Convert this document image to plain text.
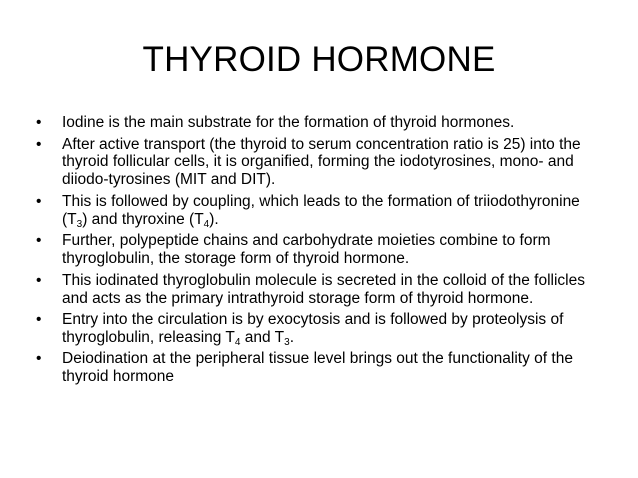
THYROID HORMONE
•	Iodine is the main substrate for the formation of thyroid hormones.
•	After active transport (the thyroid to serum concentration ratio is 25) into the thyroid follicular cells, it is organified, forming the iodotyrosines, mono- and diiodo-tyrosines (MIT and DIT).
•	This is followed by coupling, which leads to the formation of triiodothyronine $(T_3)$ and thyroxine $(T_4)$.
•	Further, polypeptide chains and carbohydrate moieties combine to form thyroglobulin, the storage form of thyroid hormone.
•	This iodinated thyroglobulin molecule is secreted in the colloid of the follicles and acts as the primary intrathyroid storage form of thyroid hormone.
•	Entry into the circulation is by exocytosis and is followed by proteolysis of thyroglobulin, releasing $T_4$ and $T_3$.
•	Deiodination at the peripheral tissue level brings out the functionality of the thyroid hormone
